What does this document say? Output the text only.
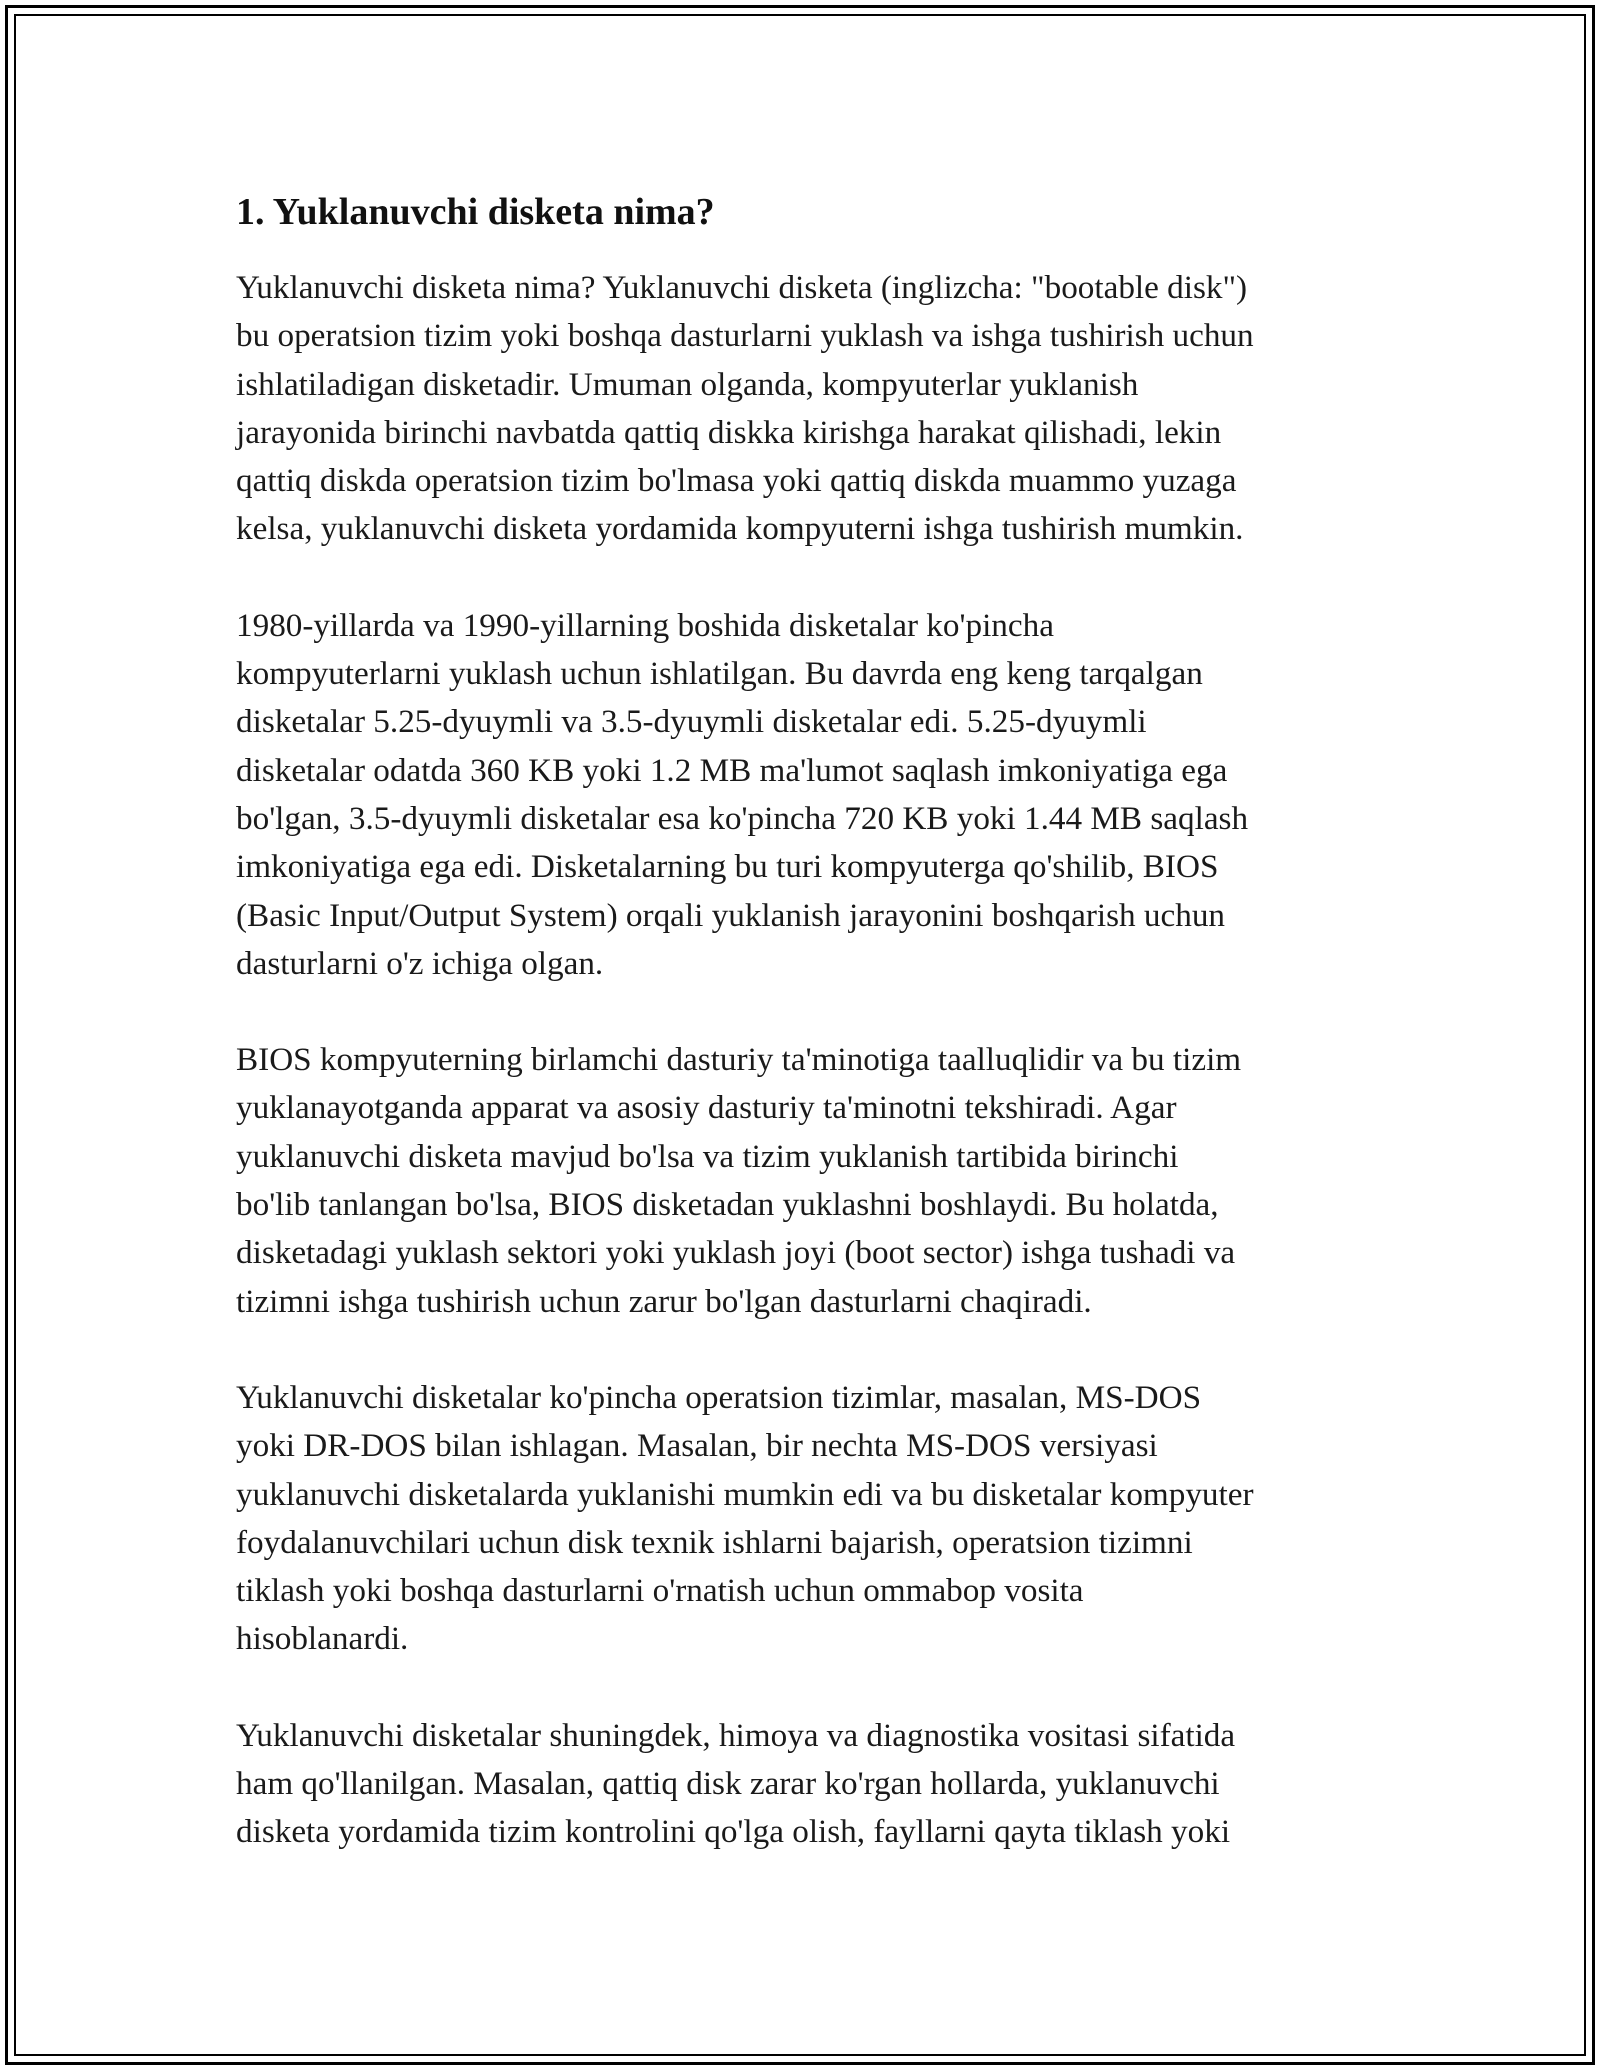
1. Yuklanuvchi disketa nima?

Yuklanuvchi disketa nima? Yuklanuvchi disketa (inglizcha: "bootable disk")
bu operatsion tizim yoki boshqa dasturlarni yuklash va ishga tushirish uchun
ishlatiladigan disketadir. Umuman olganda, kompyuterlar yuklanish
jarayonida birinchi navbatda qattiq diskka kirishga harakat qilishadi, lekin
qattiq diskda operatsion tizim bo'lmasa yoki qattiq diskda muammo yuzaga
kelsa, yuklanuvchi disketa yordamida kompyuterni ishga tushirish mumkin.

1980-yillarda va 1990-yillarning boshida disketalar ko'pincha
kompyuterlarni yuklash uchun ishlatilgan. Bu davrda eng keng tarqalgan
disketalar 5.25-dyuymli va 3.5-dyuymli disketalar edi. 5.25-dyuymli
disketalar odatda 360 KB yoki 1.2 MB ma'lumot saqlash imkoniyatiga ega
bo'lgan, 3.5-dyuymli disketalar esa ko'pincha 720 KB yoki 1.44 MB saqlash
imkoniyatiga ega edi. Disketalarning bu turi kompyuterga qo'shilib, BIOS
(Basic Input/Output System) orqali yuklanish jarayonini boshqarish uchun
dasturlarni o'z ichiga olgan.

BIOS kompyuterning birlamchi dasturiy ta'minotiga taalluqlidir va bu tizim
yuklanayotganda apparat va asosiy dasturiy ta'minotni tekshiradi. Agar
yuklanuvchi disketa mavjud bo'lsa va tizim yuklanish tartibida birinchi
bo'lib tanlangan bo'lsa, BIOS disketadan yuklashni boshlaydi. Bu holatda,
disketadagi yuklash sektori yoki yuklash joyi (boot sector) ishga tushadi va
tizimni ishga tushirish uchun zarur bo'lgan dasturlarni chaqiradi.

Yuklanuvchi disketalar ko'pincha operatsion tizimlar, masalan, MS-DOS
yoki DR-DOS bilan ishlagan. Masalan, bir nechta MS-DOS versiyasi
yuklanuvchi disketalarda yuklanishi mumkin edi va bu disketalar kompyuter
foydalanuvchilari uchun disk texnik ishlarni bajarish, operatsion tizimni
tiklash yoki boshqa dasturlarni o'rnatish uchun ommabop vosita
hisoblanardi.

Yuklanuvchi disketalar shuningdek, himoya va diagnostika vositasi sifatida
ham qo'llanilgan. Masalan, qattiq disk zarar ko'rgan hollarda, yuklanuvchi
disketa yordamida tizim kontrolini qo'lga olish, fayllarni qayta tiklash yoki
